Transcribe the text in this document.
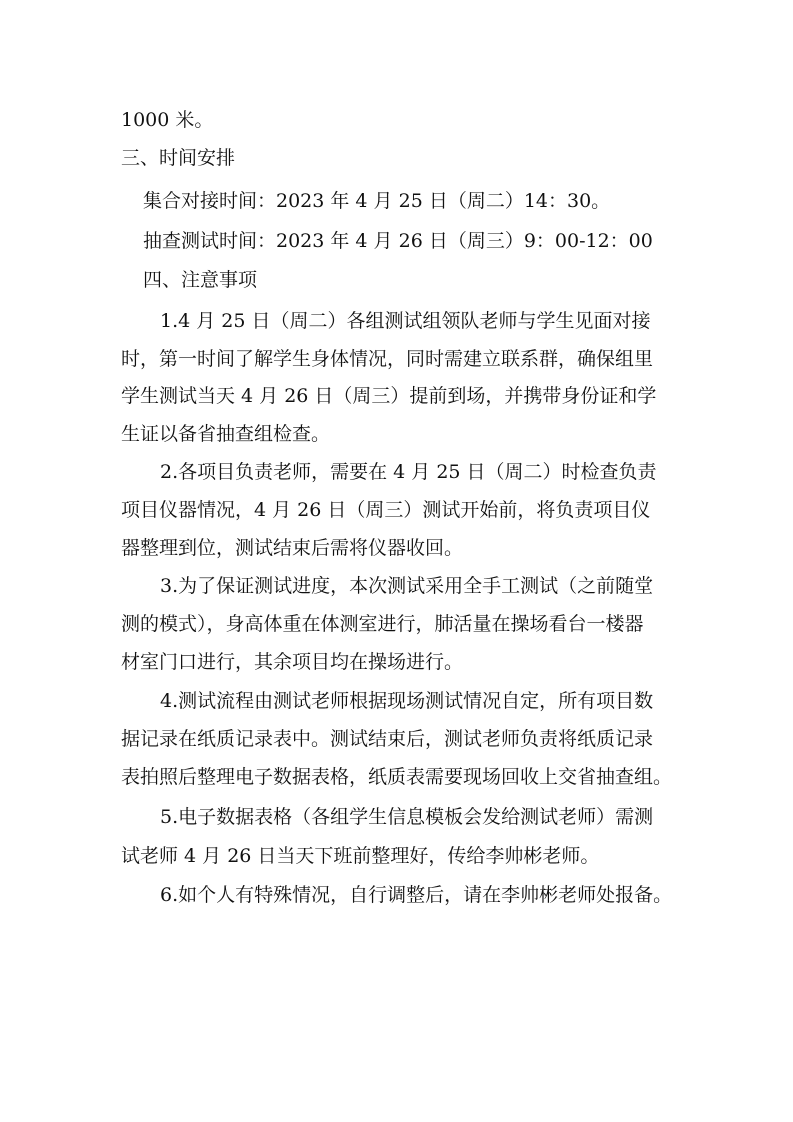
1000 米。
三、时间安排
集合对接时间：2023 年 4 月 25 日（周二）14：30。
抽查测试时间：2023 年 4 月 26 日（周三）9：00-12：00
四、注意事项
1.4 月 25 日（周二）各组测试组领队老师与学生见面对接
时，第一时间了解学生身体情况，同时需建立联系群，确保组里
学生测试当天 4 月 26 日（周三）提前到场，并携带身份证和学
生证以备省抽查组检查。
2.各项目负责老师，需要在 4 月 25 日（周二）时检查负责
项目仪器情况，4 月 26 日（周三）测试开始前，将负责项目仪
器整理到位，测试结束后需将仪器收回。
3.为了保证测试进度，本次测试采用全手工测试（之前随堂
测的模式），身高体重在体测室进行，肺活量在操场看台一楼器
材室门口进行，其余项目均在操场进行。
4.测试流程由测试老师根据现场测试情况自定，所有项目数
据记录在纸质记录表中。测试结束后，测试老师负责将纸质记录
表拍照后整理电子数据表格，纸质表需要现场回收上交省抽查组。
5.电子数据表格（各组学生信息模板会发给测试老师）需测
试老师 4 月 26 日当天下班前整理好，传给李帅彬老师。
6.如个人有特殊情况，自行调整后，请在李帅彬老师处报备。
